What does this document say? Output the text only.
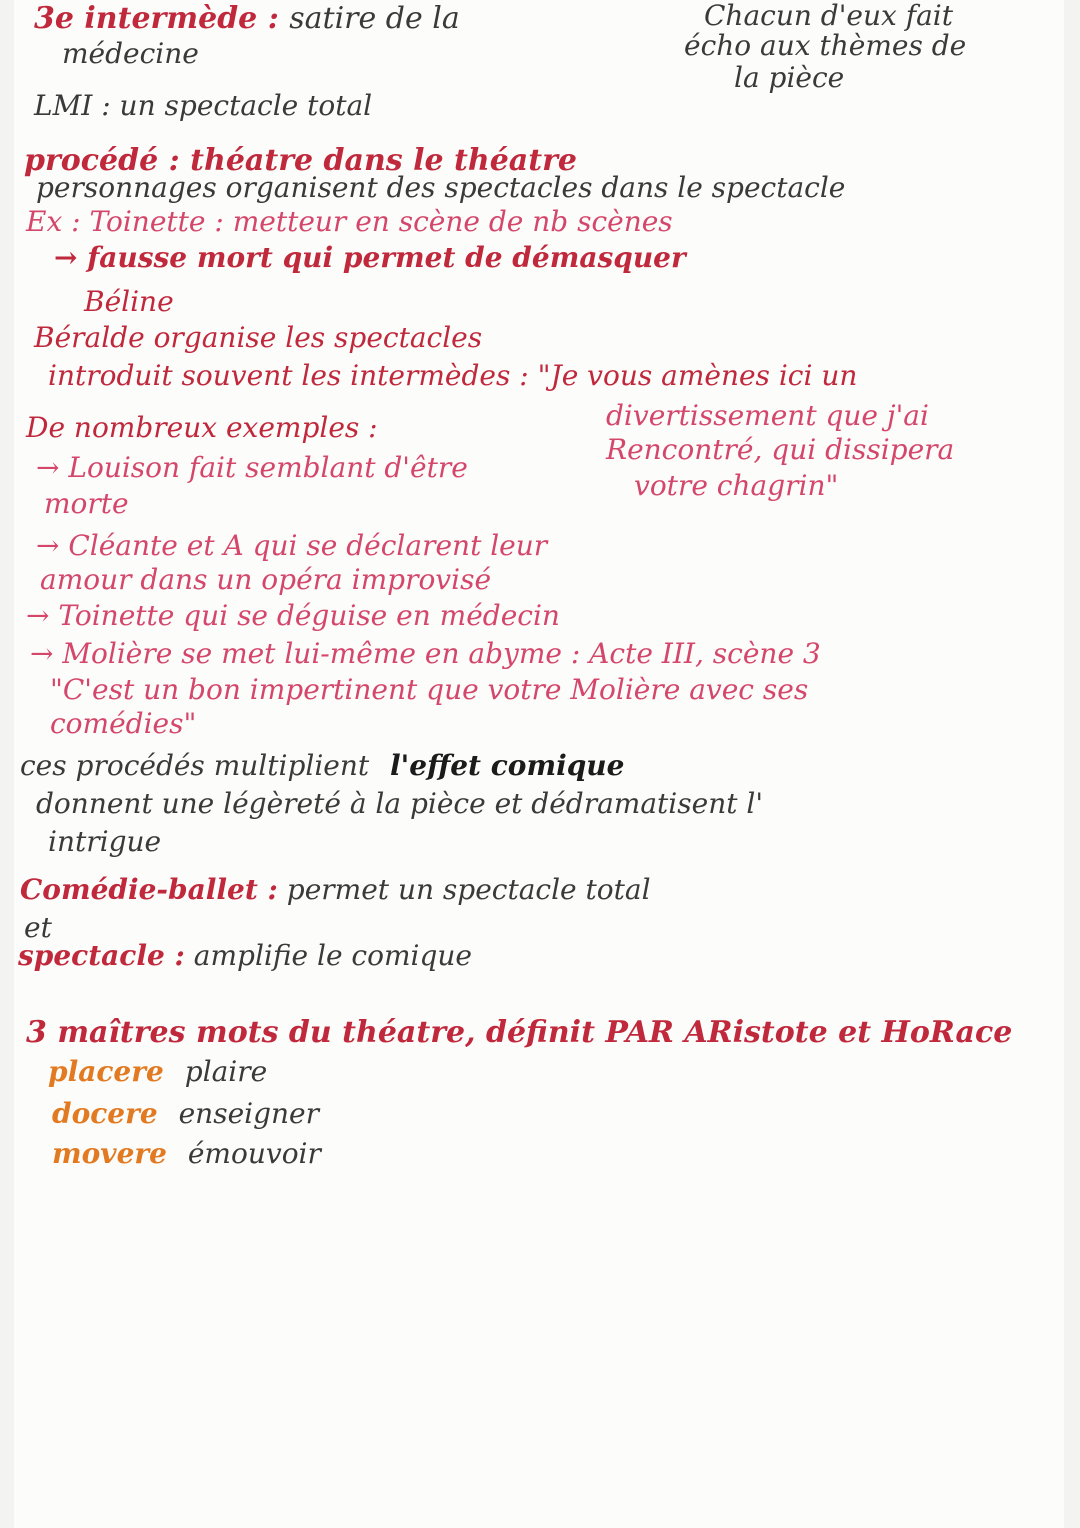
3e intermède : satire de la
médecine
Chacun d'eux fait
écho aux thèmes de
la pièce
LMI : un spectacle total
procédé : théatre dans le théatre
personnages organisent des spectacles dans le spectacle
Ex : Toinette : metteur en scène de nb scènes
→ fausse mort qui permet de démasquer
Béline
Béralde organise les spectacles
introduit souvent les intermèdes : "Je vous amènes ici un
De nombreux exemples :	divertissement que j'ai
Rencontré, qui dissipera
votre chagrin"
→ Louison fait semblant d'être
morte
→ Cléante et A qui se déclarent leur
amour dans un opéra improvisé
→ Toinette qui se déguise en médecin
→ Molière se met lui-même en abyme : Acte III, scène 3
"C'est un bon impertinent que votre Molière avec ses
comédies"
ces procédés multiplient l'effet comique
donnent une légèreté à la pièce et dédramatisent l'
intrigue
Comédie-ballet : permet un spectacle total
et
spectacle : amplifie le comique
3 maîtres mots du théatre, définit PAR ARistote et HoRace
placere plaire
docere enseigner
movere émouvoir
